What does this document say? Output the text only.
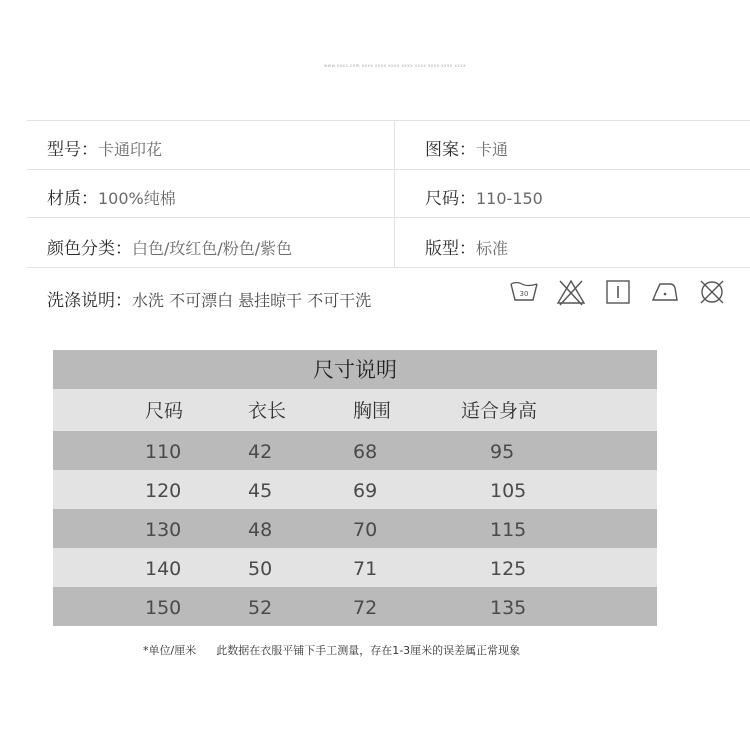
www.xxxx.com xxxx xxxx xxxx xxxx xxxx xxxx xxxx xxxx
型号：卡通印花	图案：卡通
材质：100%纯棉	尺码：110-150
颜色分类：白色/玫红色/粉色/紫色	版型：标准
洗涤说明：水洗 不可漂白 悬挂晾干 不可干洗	30
尺寸说明
尺码	衣长	胸围	适合身高
110	42	68	95
120	45	69	105
130	48	70	115
140	50	71	125
150	52	72	135
*单位/厘米 此数据在衣服平铺下手工测量，存在1-3厘米的误差属正常现象
